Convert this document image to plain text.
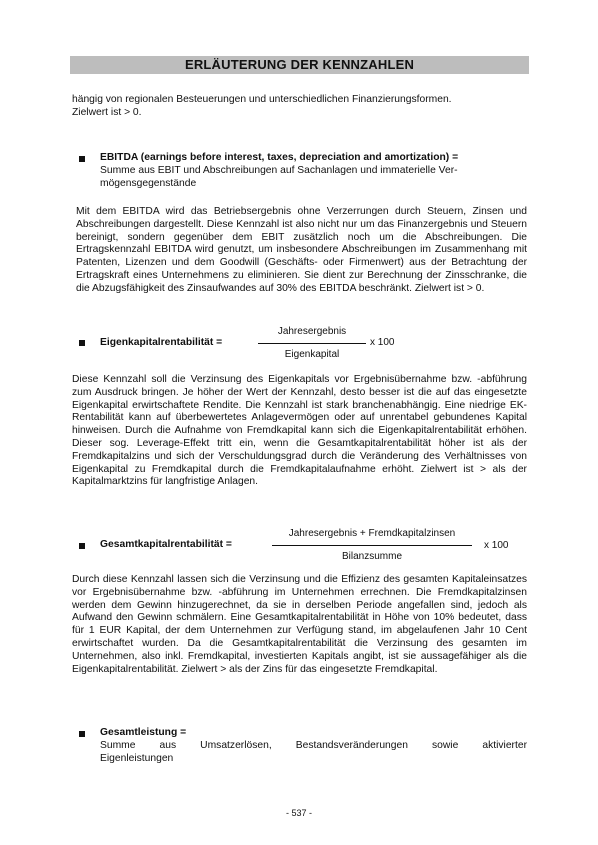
ERLÄUTERUNG DER KENNZAHLEN
hängig von regionalen Besteuerungen und unterschiedlichen Finanzierungsformen.
Zielwert ist > 0.
EBITDA (earnings before interest, taxes, depreciation and amortization) =
Summe aus EBIT und Abschreibungen auf Sachanlagen und immaterielle Ver-
mögensgegenstände
Mit dem EBITDA wird das Betriebsergebnis ohne Verzerrungen durch Steuern, Zinsen und Abschreibungen dargestellt. Diese Kennzahl ist also nicht nur um das Finanzergebnis und Steuern bereinigt, sondern gegenüber dem EBIT zusätzlich noch um die Abschreibungen. Die Ertragskennzahl EBITDA wird genutzt, um insbesondere Abschreibungen im Zusammenhang mit Patenten, Lizenzen und dem Goodwill (Geschäfts- oder Firmenwert) aus der Betrachtung der Ertragskraft eines Unternehmens zu eliminieren. Sie dient zur Berechnung der Zinsschranke, die die Abzugsfähigkeit des Zinsaufwandes auf 30% des EBITDA beschränkt. Zielwert ist > 0.
Eigenkapitalrentabilität =
Jahresergebnis
Eigenkapital
x 100
Diese Kennzahl soll die Verzinsung des Eigenkapitals vor Ergebnisübernahme bzw. -abführung zum Ausdruck bringen. Je höher der Wert der Kennzahl, desto besser ist die auf das eingesetzte Eigenkapital erwirtschaftete Rendite. Die Kennzahl ist stark branchenabhängig. Eine niedrige EK-Rentabilität kann auf überbewertetes Anlagevermögen oder auf unrentabel gebundenes Kapital hinweisen. Durch die Aufnahme von Fremdkapital kann sich die Eigenkapitalrentabilität erhöhen. Dieser sog. Leverage-Effekt tritt ein, wenn die Gesamtkapitalrentabilität höher ist als der Fremdkapitalzins und sich der Verschuldungsgrad durch die Veränderung des Verhältnisses von Eigenkapital zu Fremdkapital durch die Fremdkapitalaufnahme erhöht. Zielwert ist > als der Kapitalmarktzins für langfristige Anlagen.
Gesamtkapitalrentabilität =
Jahresergebnis + Fremdkapitalzinsen
Bilanzsumme
x 100
Durch diese Kennzahl lassen sich die Verzinsung und die Effizienz des gesamten Kapitaleinsatzes vor Ergebnisübernahme bzw. -abführung im Unternehmen errechnen. Die Fremdkapitalzinsen werden dem Gewinn hinzugerechnet, da sie in derselben Periode angefallen sind, jedoch als Aufwand den Gewinn schmälern. Eine Gesamtkapitalrentabilität in Höhe von 10% bedeutet, dass für 1 EUR Kapital, der dem Unternehmen zur Verfügung stand, im abgelaufenen Jahr 10 Cent erwirtschaftet wurden. Da die Gesamtkapitalrentabilität die Verzinsung des gesamten im Unternehmen, also inkl. Fremdkapital, investierten Kapitals angibt, ist sie aussagefähiger als die Eigenkapitalrentabilität. Zielwert > als der Zins für das eingesetzte Fremdkapital.
Gesamtleistung =
Summe aus Umsatzerlösen, Bestandsveränderungen sowie aktivierter
Eigenleistungen
- 537 -
